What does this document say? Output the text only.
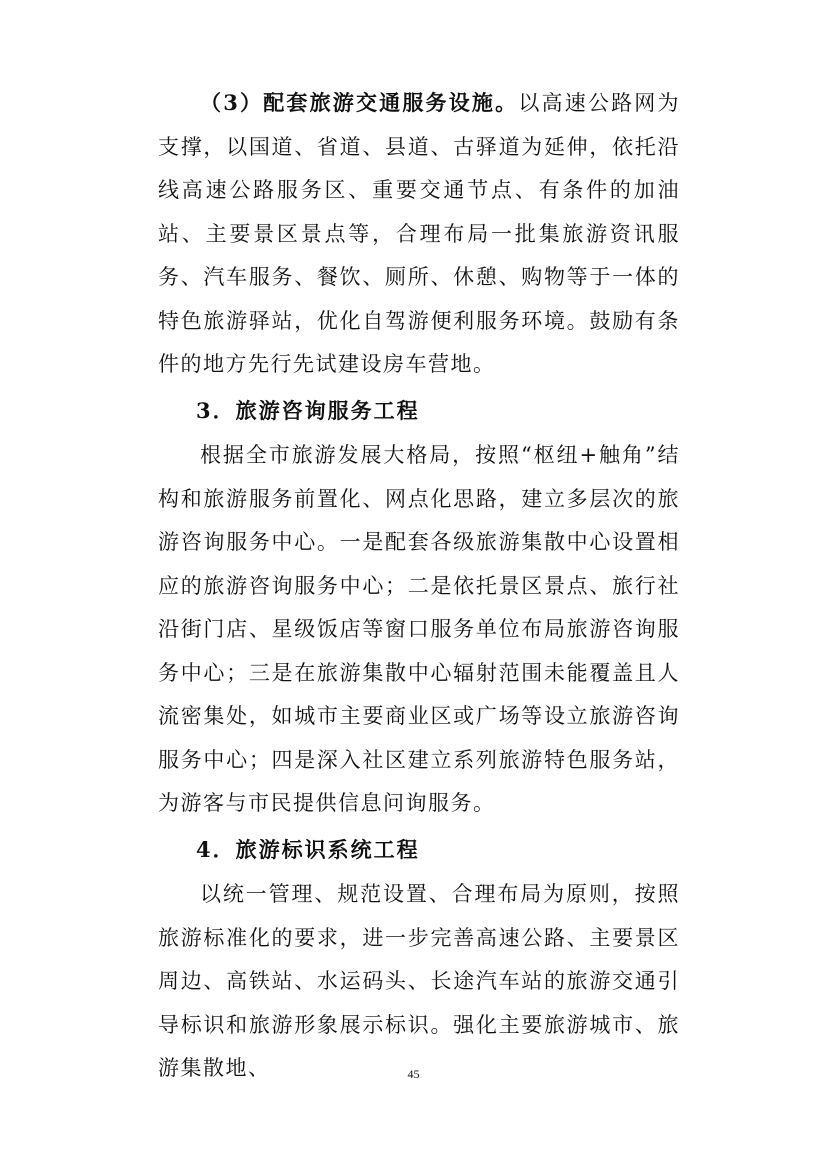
（3）配套旅游交通服务设施。以高速公路网为支撑，以国道、省道、县道、古驿道为延伸，依托沿线高速公路服务区、重要交通节点、有条件的加油站、主要景区景点等，合理布局一批集旅游资讯服务、汽车服务、餐饮、厕所、休憩、购物等于一体的特色旅游驿站，优化自驾游便利服务环境。鼓励有条件的地方先行先试建设房车营地。

3．旅游咨询服务工程

根据全市旅游发展大格局，按照“枢纽+触角”结构和旅游服务前置化、网点化思路，建立多层次的旅游咨询服务中心。一是配套各级旅游集散中心设置相应的旅游咨询服务中心；二是依托景区景点、旅行社沿街门店、星级饭店等窗口服务单位布局旅游咨询服务中心；三是在旅游集散中心辐射范围未能覆盖且人流密集处，如城市主要商业区或广场等设立旅游咨询服务中心；四是深入社区建立系列旅游特色服务站，为游客与市民提供信息问询服务。

4．旅游标识系统工程

以统一管理、规范设置、合理布局为原则，按照旅游标准化的要求，进一步完善高速公路、主要景区周边、高铁站、水运码头、长途汽车站的旅游交通引导标识和旅游形象展示标识。强化主要旅游城市、旅游集散地、	45
